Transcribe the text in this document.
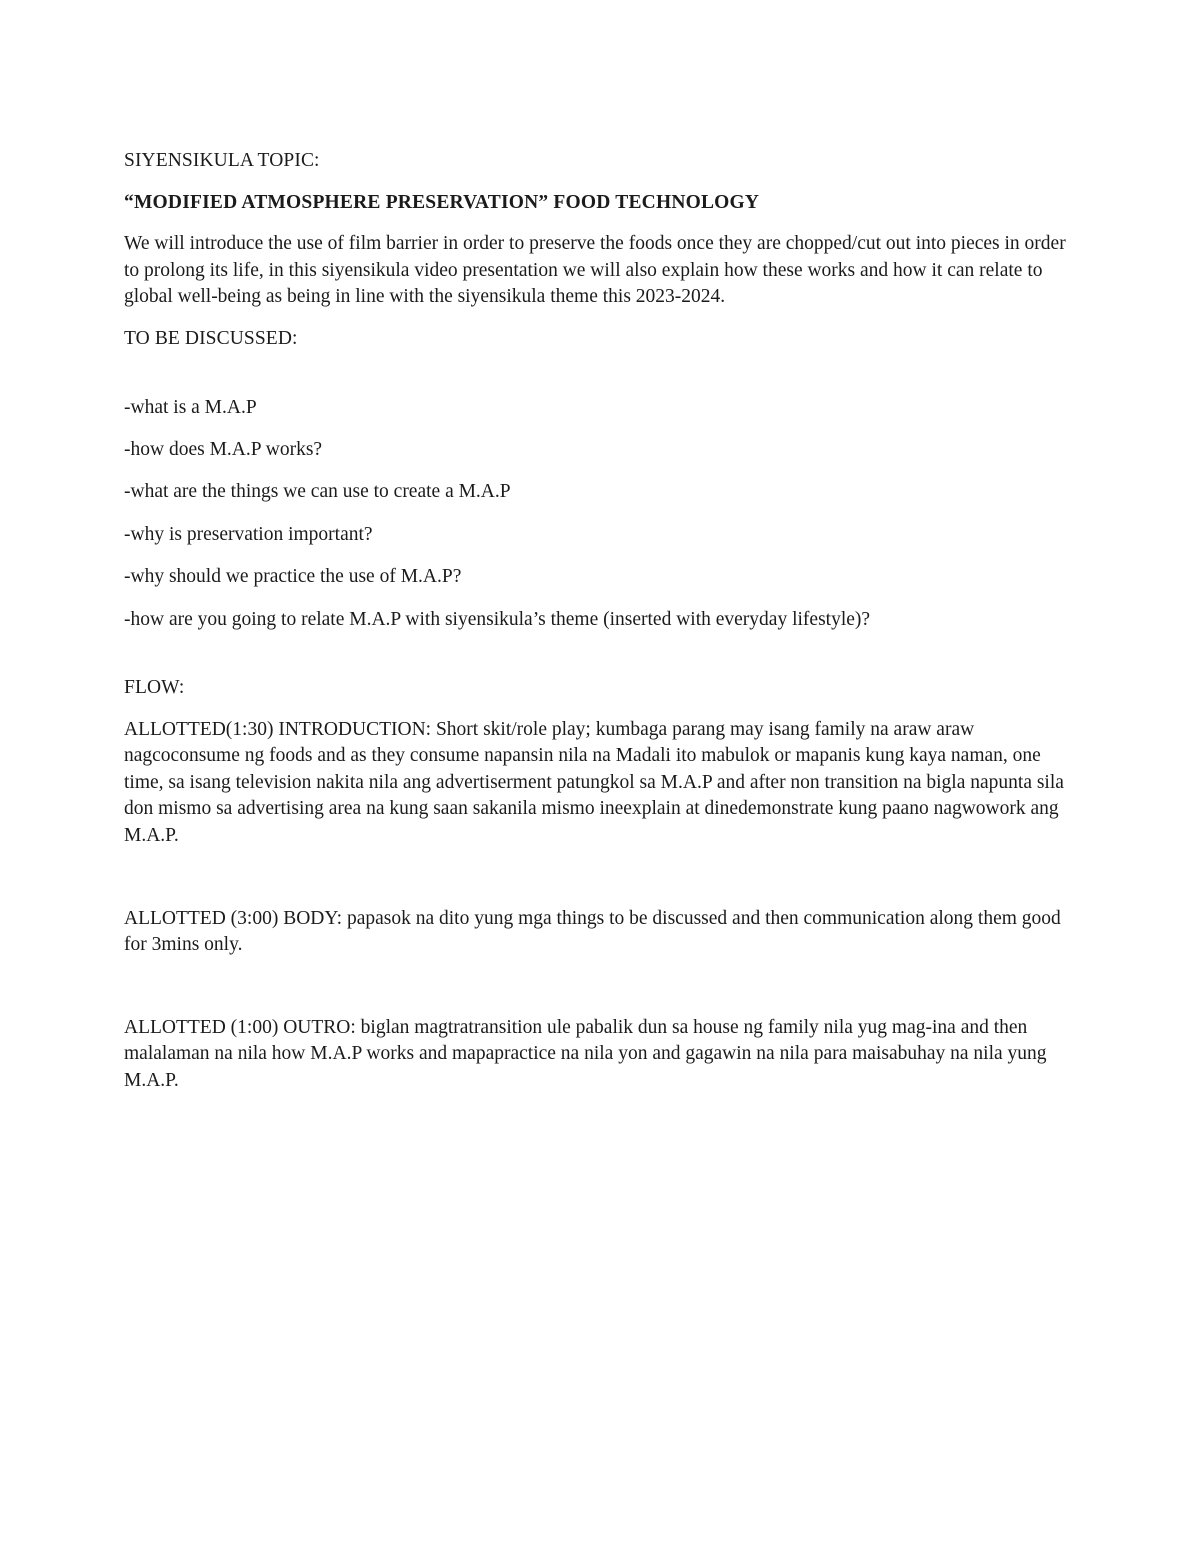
SIYENSIKULA TOPIC:

“MODIFIED ATMOSPHERE PRESERVATION” FOOD TECHNOLOGY

We will introduce the use of film barrier in order to preserve the foods once they are chopped/cut out into pieces in order to prolong its life, in this siyensikula video presentation we will also explain how these works and how it can relate to global well-being as being in line with the siyensikula theme this 2023-2024.

TO BE DISCUSSED:

-what is a M.A.P

-how does M.A.P works?

-what are the things we can use to create a M.A.P

-why is preservation important?

-why should we practice the use of M.A.P?

-how are you going to relate M.A.P with siyensikula’s theme (inserted with everyday lifestyle)?

FLOW:

ALLOTTED(1:30) INTRODUCTION: Short skit/role play; kumbaga parang may isang family na araw araw nagcoconsume ng foods and as they consume napansin nila na Madali ito mabulok or mapanis kung kaya naman, one time, sa isang television nakita nila ang advertiserment patungkol sa M.A.P and after non transition na bigla napunta sila don mismo sa advertising area na kung saan sakanila mismo ineexplain at dinedemonstrate kung paano nagwowork ang M.A.P.

ALLOTTED (3:00) BODY: papasok na dito yung mga things to be discussed and then communication along them good for 3mins only.

ALLOTTED (1:00) OUTRO: biglan magtratransition ule pabalik dun sa house ng family nila yug mag-ina and then malalaman na nila how M.A.P works and mapapractice na nila yon and gagawin na nila para maisabuhay na nila yung M.A.P.
